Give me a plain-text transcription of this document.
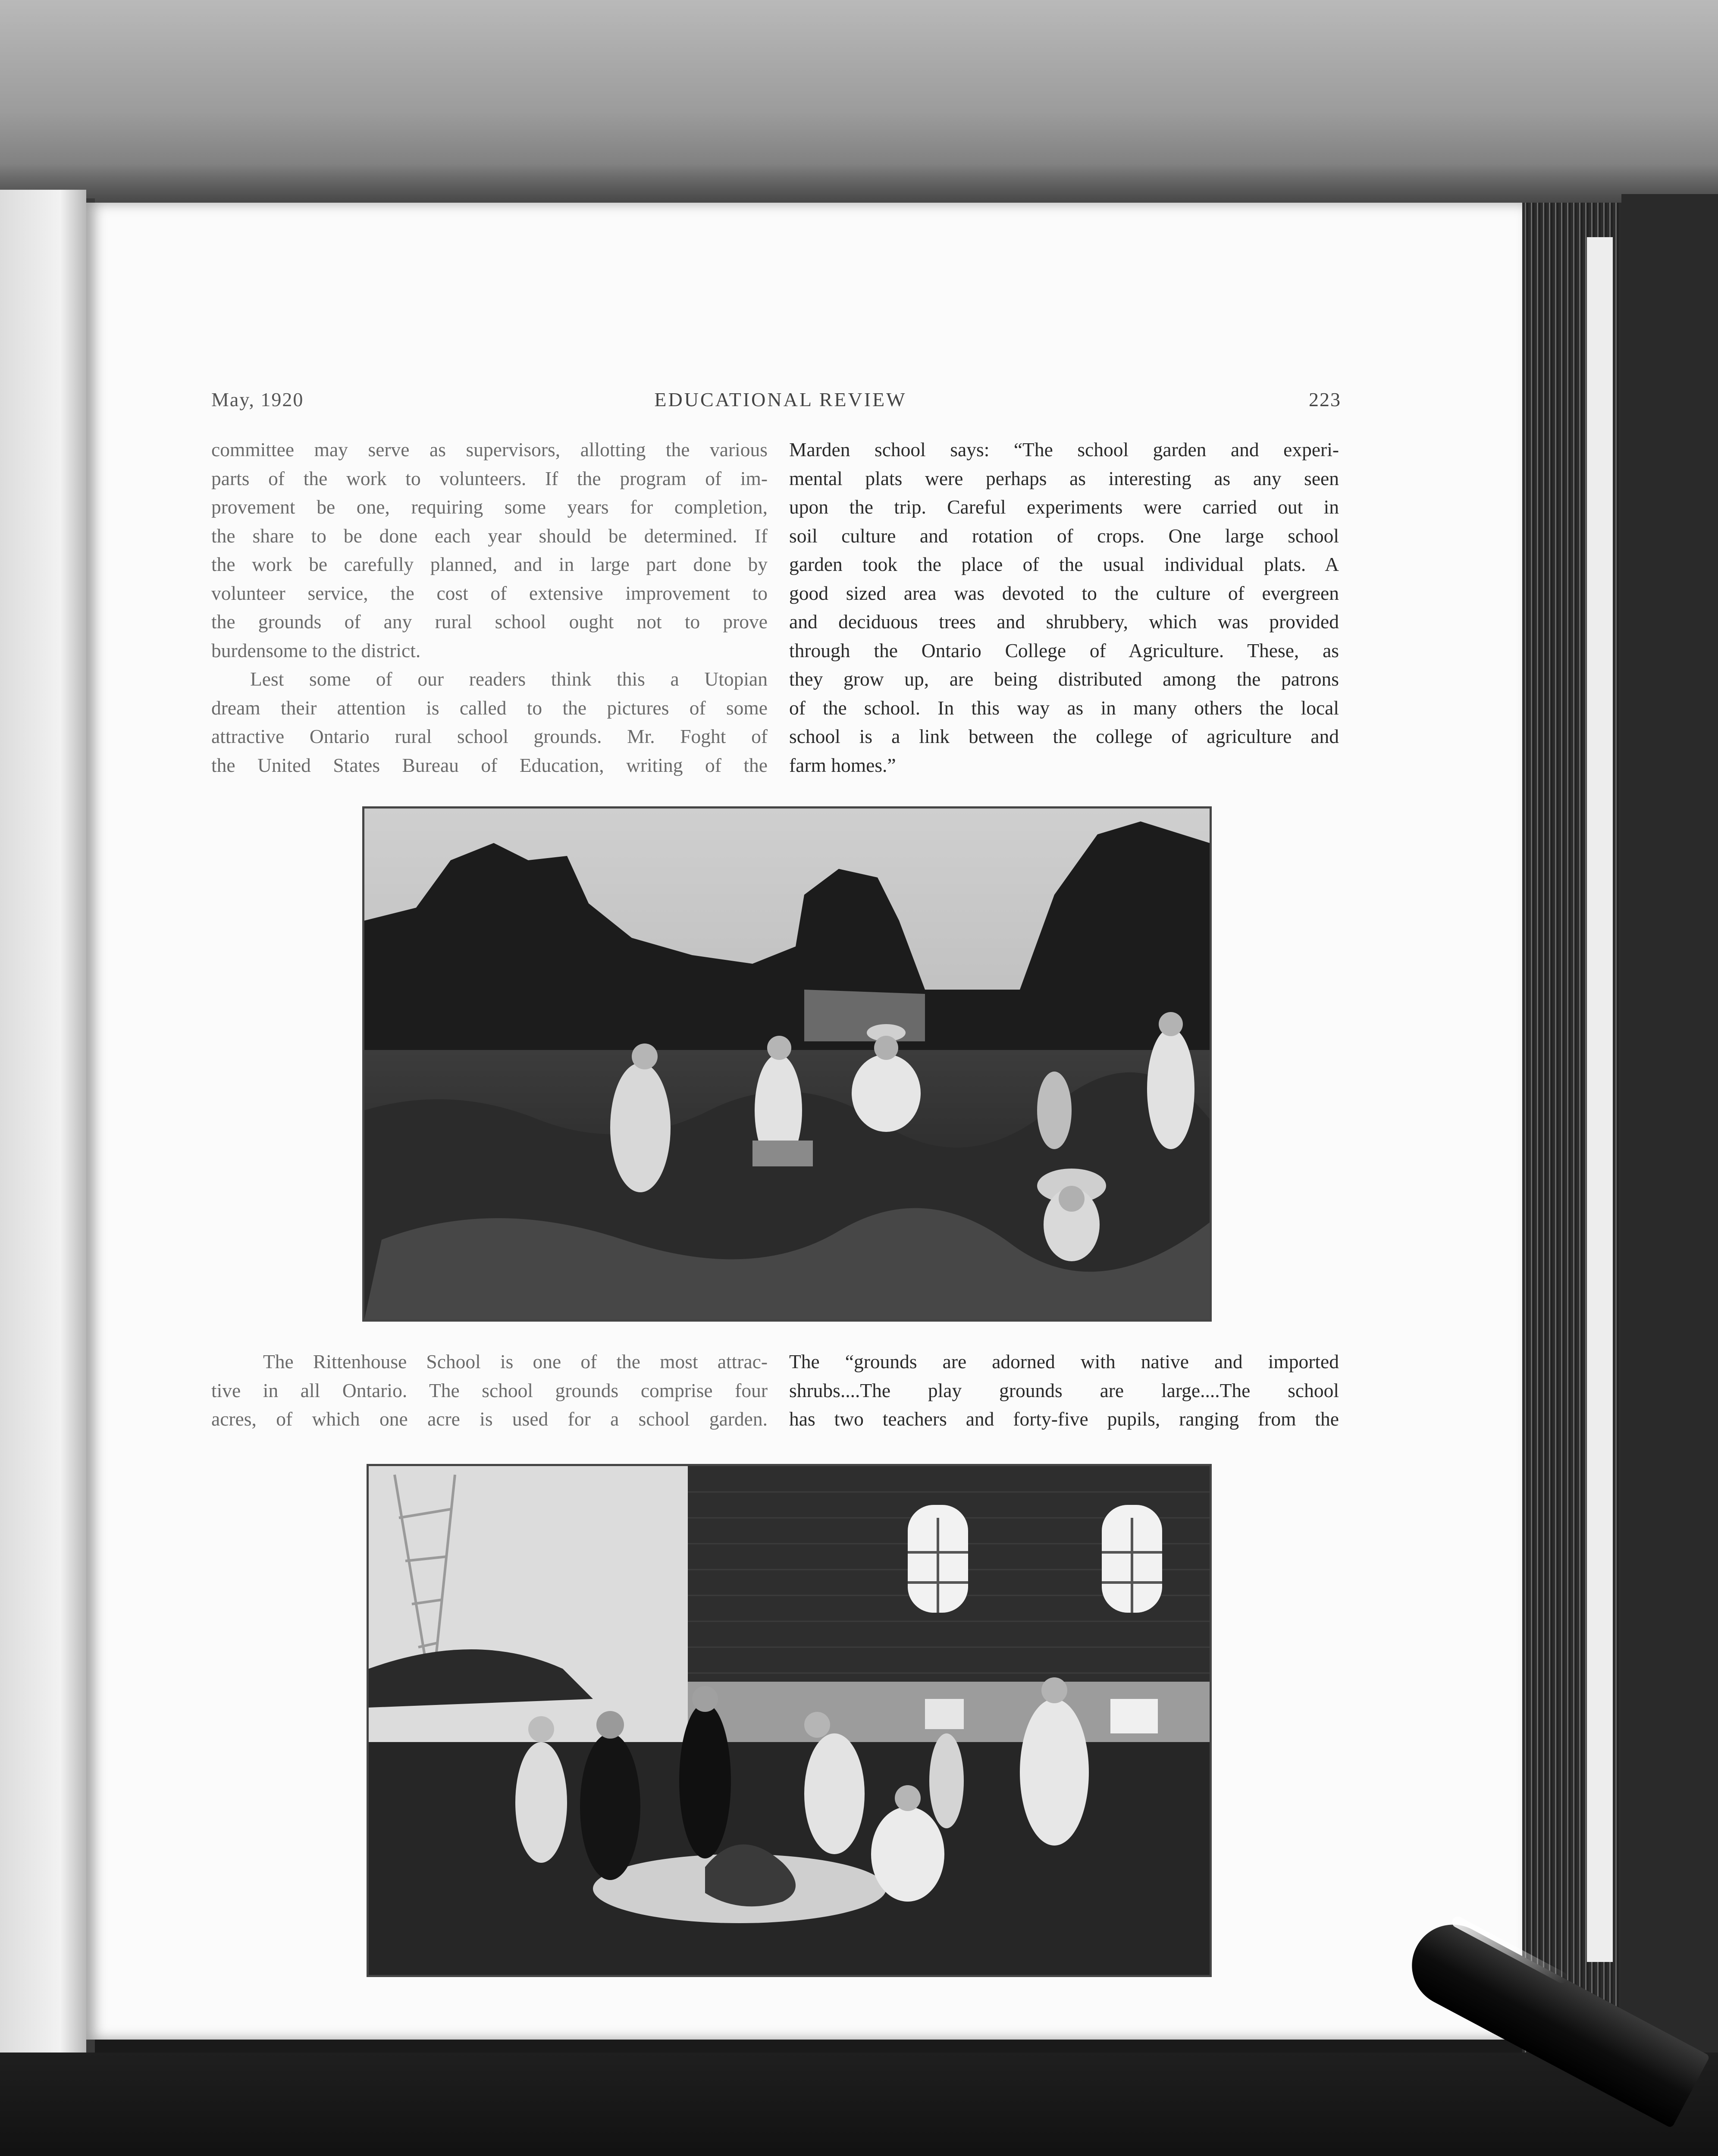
May, 1920	EDUCATIONAL REVIEW	223
committee may serve as supervisors, allotting the various
parts of the work to volunteers. If the program of im-
provement be one, requiring some years for completion,
the share to be done each year should be determined. If
the work be carefully planned, and in large part done by
volunteer service, the cost of extensive improvement to
the grounds of any rural school ought not to prove
burdensome to the district.
Lest some of our readers think this a Utopian
dream their attention is called to the pictures of some
attractive Ontario rural school grounds. Mr. Foght of
the United States Bureau of Education, writing of the
Marden school says: “The school garden and experi-
mental plats were perhaps as interesting as any seen
upon the trip. Careful experiments were carried out in
soil culture and rotation of crops. One large school
garden took the place of the usual individual plats. A
good sized area was devoted to the culture of evergreen
and deciduous trees and shrubbery, which was provided
through the Ontario College of Agriculture. These, as
they grow up, are being distributed among the patrons
of the school. In this way as in many others the local
school is a link between the college of agriculture and
farm homes.”
The Rittenhouse School is one of the most attrac-
tive in all Ontario. The school grounds comprise four
acres, of which one acre is used for a school garden.
The “grounds are adorned with native and imported
shrubs....The play grounds are large....The school
has two teachers and forty-five pupils, ranging from the
